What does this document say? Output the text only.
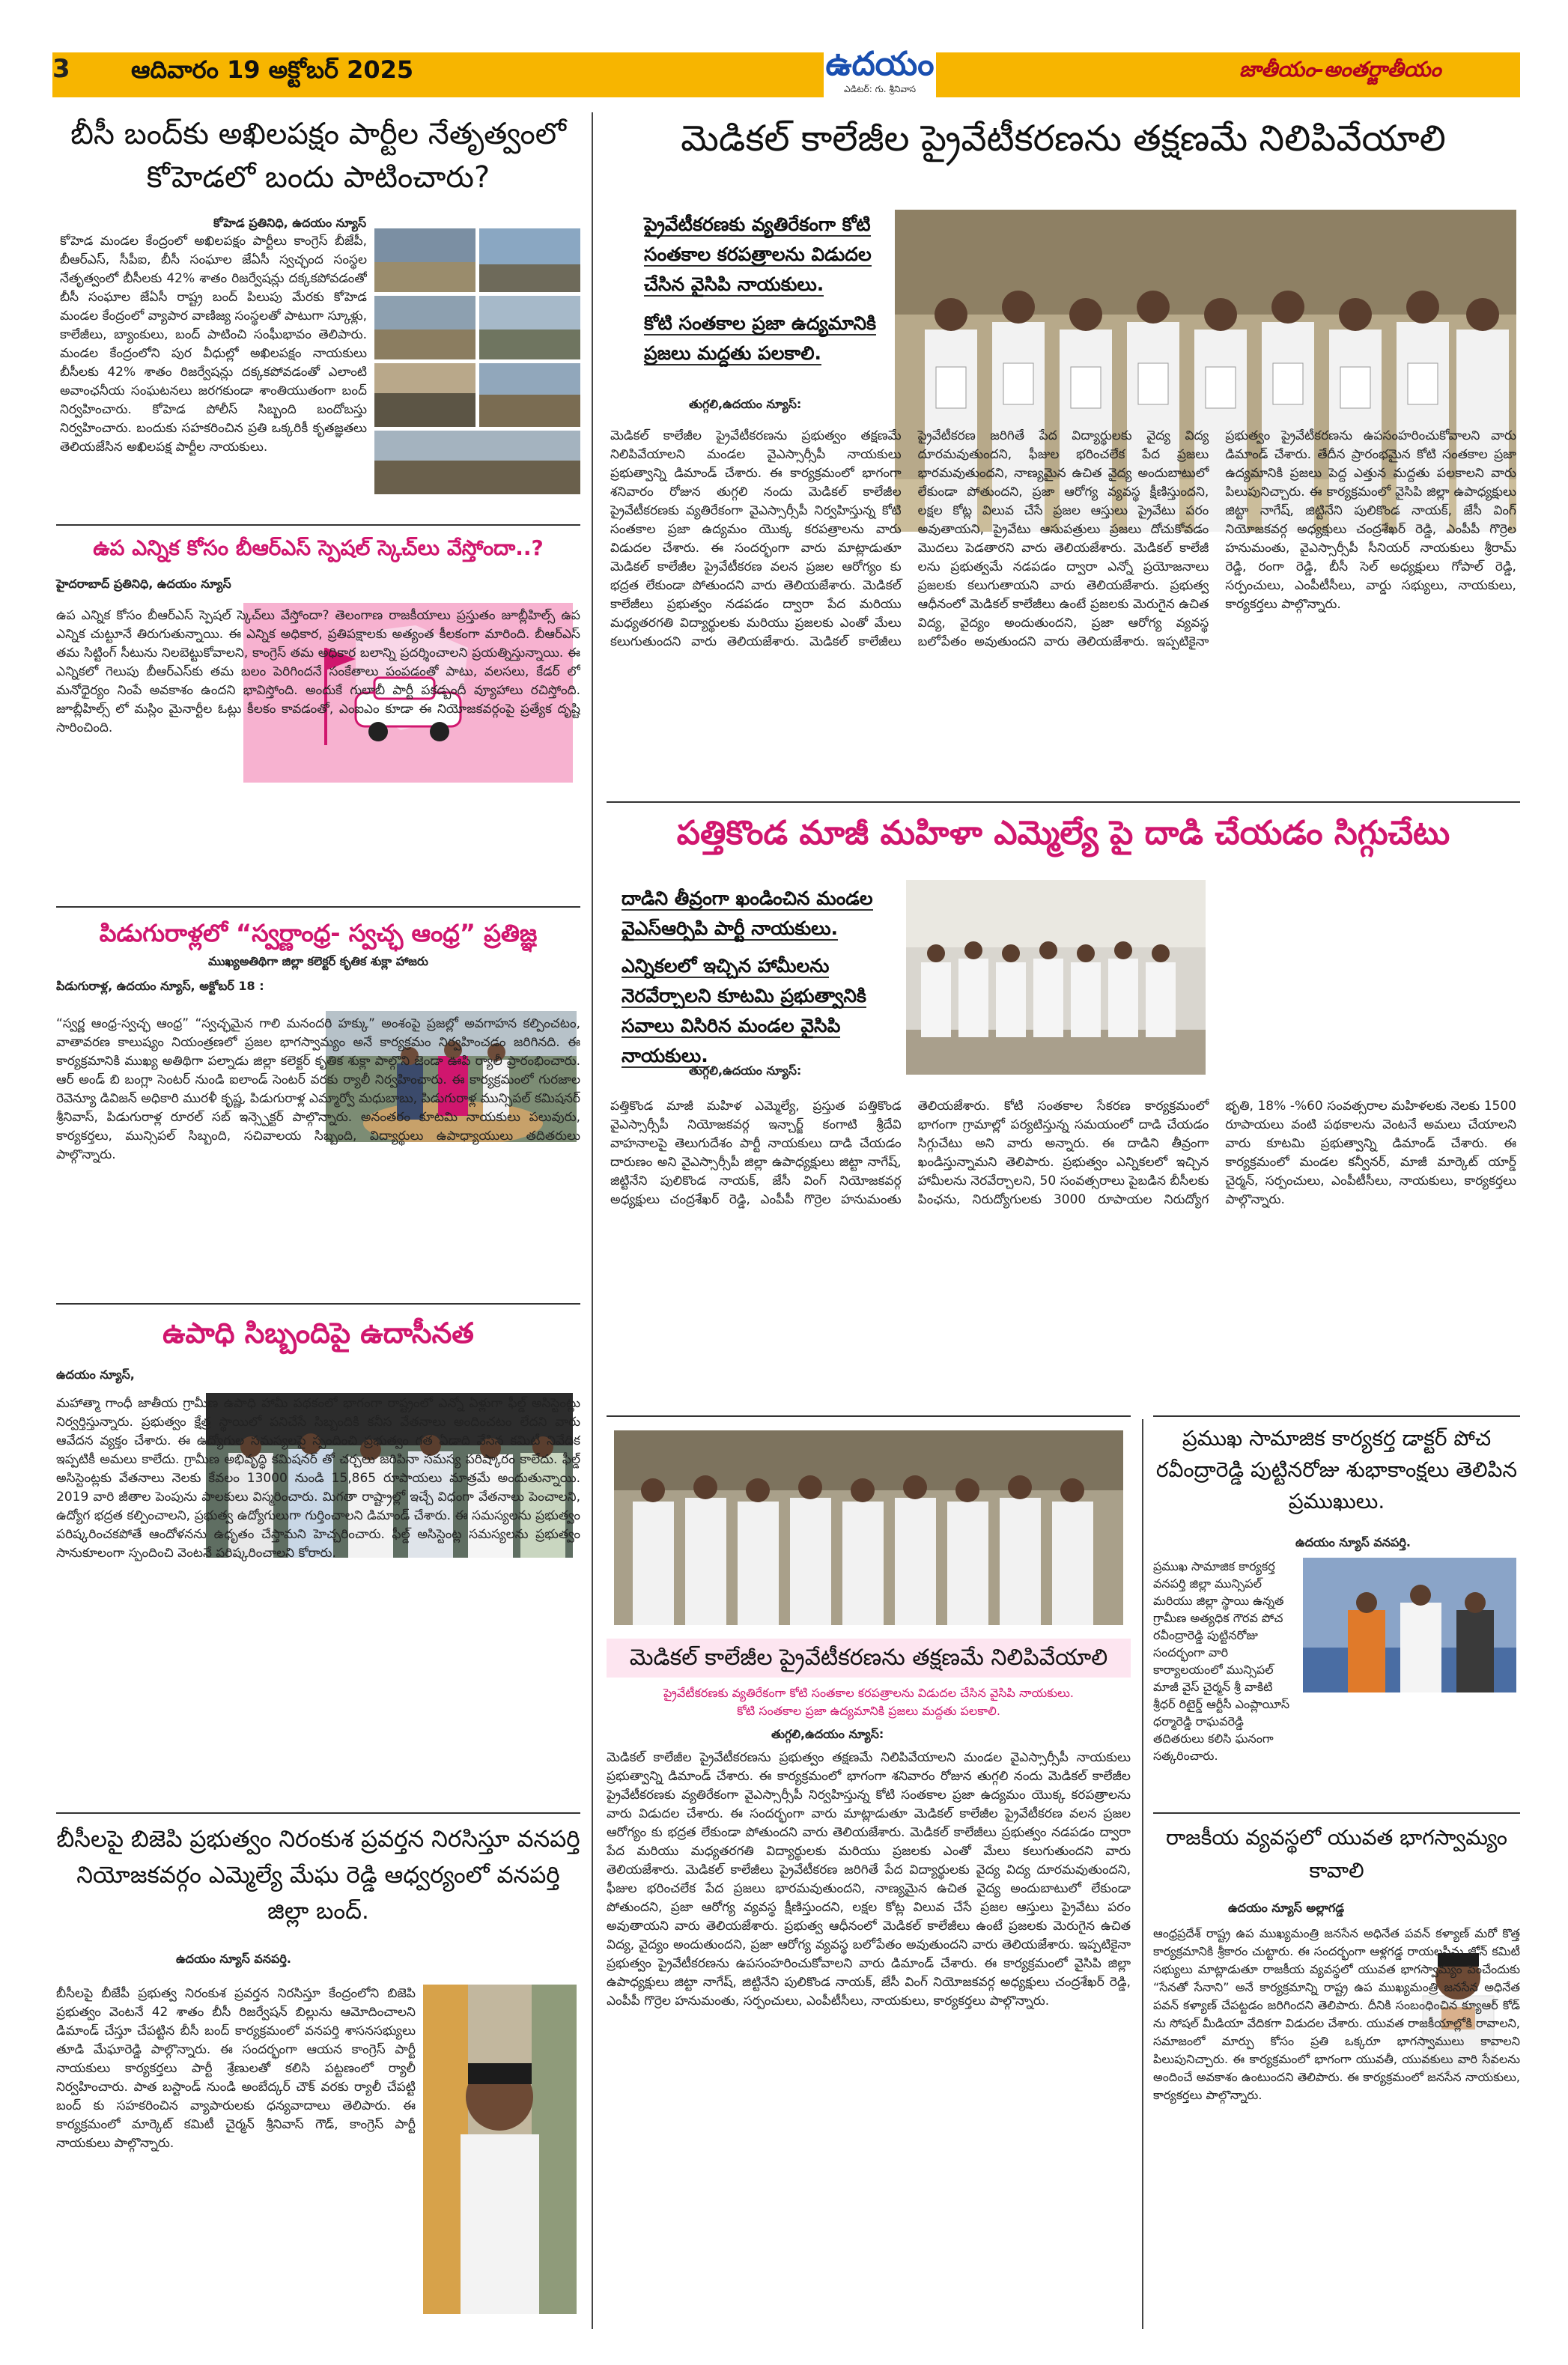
3	ఆదివారం 19 అక్టోబర్ 2025	ఉదయం
ఎడిటర్: గు. శ్రీనివాస
జాతీయం-అంతర్జాతీయం
బీసీ బంద్‌కు అఖిలపక్షం పార్టీల నేతృత్వంలో కోహెడలో బందు పాటించారు?
కోహెడ ప్రతినిధి, ఉదయం న్యూస్
కోహెడ మండల కేంద్రంలో అఖిలపక్షం పార్టీలు కాంగ్రెస్ బీజేపీ, బీఆర్ఎస్, సీపీఐ, బీసీ సంఘాల జేఏసీ స్వచ్ఛంద సంస్థల నేతృత్వంలో బీసీలకు 42% శాతం రిజర్వేషన్లు దక్కకపోవడంతో బీసీ సంఘాల జేఏసీ రాష్ట్ర బంద్ పిలుపు మేరకు కోహెడ మండల కేంద్రంలో వ్యాపార వాణిజ్య సంస్థలతో పాటుగా స్కూళ్లు, కాలేజీలు, బ్యాంకులు, బంద్ పాటించి సంఘీభావం తెలిపారు. మండల కేంద్రంలోని పుర వీధుల్లో అఖిలపక్షం నాయకులు బీసీలకు 42% శాతం రిజర్వేషన్లు దక్కకపోవడంతో ఎలాంటి అవాంఛనీయ సంఘటనలు జరగకుండా శాంతియుతంగా బంద్ నిర్వహించారు. కోహెడ పోలీస్ సిబ్బంది బందోబస్తు నిర్వహించారు. బందుకు సహకరించిన ప్రతి ఒక్కరికీ కృతజ్ఞతలు తెలియజేసిన అఖిలపక్ష పార్టీల నాయకులు.
ఉప ఎన్నిక కోసం బీఆర్ఎస్ స్పెషల్ స్కెచ్‌లు వేస్తోందా..?
హైదరాబాద్ ప్రతినిధి, ఉదయం న్యూస్
ఉప ఎన్నిక కోసం బీఆర్ఎస్ స్పెషల్ స్కెచ్‌లు వేస్తోందా? తెలంగాణ రాజకీయాలు ప్రస్తుతం జూబ్లీహిల్స్ ఉప ఎన్నిక చుట్టూనే తిరుగుతున్నాయి. ఈ ఎన్నిక అధికార, ప్రతిపక్షాలకు అత్యంత కీలకంగా మారింది. బీఆర్ఎస్ తమ సిట్టింగ్ సీటును నిలబెట్టుకోవాలని, కాంగ్రెస్ తమ అధికార బలాన్ని ప్రదర్శించాలని ప్రయత్నిస్తున్నాయి. ఈ ఎన్నికలో గెలుపు బీఆర్ఎస్‌కు తమ బలం పెరిగిందనే సంకేతాలు పంపడంతో పాటు, వలసలు, కేడర్ లో మనోధైర్యం నింపే అవకాశం ఉందని భావిస్తోంది. అందుకే గులాబీ పార్టీ పకడ్బందీ వ్యూహాలు రచిస్తోంది. జూబ్లీహిల్స్ లో మస్లిం మైనార్టీల ఓట్లు కీలకం కావడంతో, ఎంఐఎం కూడా ఈ నియోజకవర్గంపై ప్రత్యేక దృష్టి సారించింది.
పిడుగురాళ్లలో “స్వర్ణాంధ్ర- స్వచ్ఛ ఆంధ్ర” ప్రతిజ్ఞ
ముఖ్యఅతిథిగా జిల్లా కలెక్టర్ కృతిక శుక్లా హాజరు
పిడుగురాళ్ల, ఉదయం న్యూస్, అక్టోబర్ 18 :
“స్వర్ణ ఆంధ్ర-స్వచ్ఛ ఆంధ్ర” “స్వచ్ఛమైన గాలి మనందరి హక్కు” అంశంపై ప్రజల్లో అవగాహన కల్పించటం, వాతావరణ కాలుష్యం నియంత్రణలో ప్రజల భాగస్వామ్యం అనే కార్యక్రమం నిర్వహించడం జరిగినది. ఈ కార్యక్రమానికి ముఖ్య అతిథిగా పల్నాడు జిల్లా కలెక్టర్ కృతిక శుక్లా పాల్గొని జెండా ఊపి ర్యాలీ ప్రారంభించారు. ఆర్ అండ్ బి బంగ్లా సెంటర్ నుండి ఐలాండ్ సెంటర్ వరకు ర్యాలీ నిర్వహించారు. ఈ కార్యక్రమంలో గురజాల రెవెన్యూ డివిజన్ అధికారి మురళీ కృష్ణ, పిడుగురాళ్ల ఎమ్మార్వో మధుబాబు, పిడుగురాళ్ల మున్సిపల్ కమిషనర్ శ్రీనివాస్, పిడుగురాళ్ల రూరల్ సబ్ ఇన్స్పెక్టర్ పాల్గొన్నారు. అనంతరం కూటమి నాయకులు పలువురు, కార్యకర్తలు, మున్సిపల్ సిబ్బంది, సచివాలయ సిబ్బంది, విద్యార్థులు ఉపాధ్యాయులు తదితరులు పాల్గొన్నారు.
ఉపాధి సిబ్బందిపై ఉదాసీనత
ఉదయం న్యూస్,
మహాత్మా గాంధీ జాతీయ గ్రామీణ ఉపాధి హామీ పథకంలో భాగంగా రాష్ట్రంలో ఎన్నో ఏళ్లుగా ఫీల్డ్ అసిస్టెంట్లు నిర్వర్తిస్తున్నారు. ప్రభుత్వం క్షేత్ర స్థాయిలో పనిచేసే సిబ్బందికి కనీస వేతనాలు అందించటం లేదని వారు ఆవేదన వ్యక్తం చేశారు. ఈ ఉద్యోగుల సమస్యలపై స్పందించి ప్రభుత్వం గత ఏడాది వేసిన కమిటీ నివేదిక ఇప్పటికీ అమలు కాలేదు. గ్రామీణ అభివృద్ధి కమిషనర్ తో చర్చలు జరిపినా సమస్య పరిష్కారం కాలేదు. ఫీల్డ్ అసిస్టెంట్లకు వేతనాలు నెలకు కేవలం 13000 నుండి 15,865 రూపాయలు మాత్రమే అందుతున్నాయి. 2019 వారి జీతాల పెంపును పాలకులు విస్మరించారు. మిగతా రాష్ట్రాల్లో ఇచ్చే విధంగా వేతనాలు పెంచాలని, ఉద్యోగ భద్రత కల్పించాలని, ప్రభుత్వ ఉద్యోగులుగా గుర్తించాలని డిమాండ్ చేశారు. ఈ సమస్యలను ప్రభుత్వం పరిష్కరించకపోతే ఆందోళనను ఉధృతం చేస్తామని హెచ్చరించారు. ఫీల్డ్ అసిస్టెంట్ల సమస్యలను ప్రభుత్వం సానుకూలంగా స్పందించి వెంటనే పరిష్కరించాలని కోరారు.
బీసీలపై బిజెపి ప్రభుత్వం నిరంకుశ ప్రవర్తన నిరసిస్తూ వనపర్తి నియోజకవర్గం ఎమ్మెల్యే మేఘ రెడ్డి ఆధ్వర్యంలో వనపర్తి జిల్లా బంద్.
ఉదయం న్యూస్ వనపర్తి.
బీసీలపై బీజేపీ ప్రభుత్వ నిరంకుశ ప్రవర్తన నిరసిస్తూ కేంద్రంలోని బిజెపి ప్రభుత్వం వెంటనే 42 శాతం బీసీ రిజర్వేషన్ బిల్లును ఆమోదించాలని డిమాండ్ చేస్తూ చేపట్టిన బీసీ బంద్ కార్యక్రమంలో వనపర్తి శాసనసభ్యులు తూడి మేఘారెడ్డి పాల్గొన్నారు. ఈ సందర్భంగా ఆయన కాంగ్రెస్ పార్టీ నాయకులు కార్యకర్తలు పార్టీ శ్రేణులతో కలిసి పట్టణంలో ర్యాలీ నిర్వహించారు. పాత బస్టాండ్ నుండి అంబేద్కర్ చౌక్ వరకు ర్యాలీ చేపట్టి బంద్ కు సహకరించిన వ్యాపారులకు ధన్యవాదాలు తెలిపారు. ఈ కార్యక్రమంలో మార్కెట్ కమిటీ చైర్మన్ శ్రీనివాస్ గౌడ్, కాంగ్రెస్ పార్టీ నాయకులు పాల్గొన్నారు.
మెడికల్ కాలేజీల ప్రైవేటీకరణను తక్షణమే నిలిపివేయాలి
ప్రైవేటీకరణకు వ్యతిరేకంగా కోటి సంతకాల కరపత్రాలను విడుదల చేసిన వైసిపి నాయకులు.
కోటి సంతకాల ప్రజా ఉద్యమానికి ప్రజలు మద్దతు పలకాలి.
తుగ్గలి,ఉదయం న్యూస్:
మెడికల్ కాలేజీల ప్రైవేటీకరణను ప్రభుత్వం తక్షణమే నిలిపివేయాలని మండల వైఎస్సార్సీపీ నాయకులు ప్రభుత్వాన్ని డిమాండ్ చేశారు. ఈ కార్యక్రమంలో భాగంగా శనివారం రోజున తుగ్గలి నందు మెడికల్ కాలేజీల ప్రైవేటీకరణకు వ్యతిరేకంగా వైఎస్సార్సీపీ నిర్వహిస్తున్న కోటి సంతకాల ప్రజా ఉద్యమం యొక్క కరపత్రాలను వారు విడుదల చేశారు. ఈ సందర్భంగా వారు మాట్లాడుతూ మెడికల్ కాలేజీల ప్రైవేటీకరణ వలన ప్రజల ఆరోగ్యం కు భద్రత లేకుండా పోతుందని వారు తెలియజేశారు. మెడికల్ కాలేజీలు ప్రభుత్వం నడపడం ద్వారా పేద మరియు మధ్యతరగతి విద్యార్థులకు మరియు ప్రజలకు ఎంతో మేలు కలుగుతుందని వారు తెలియజేశారు. మెడికల్ కాలేజీలు ప్రైవేటీకరణ జరిగితే పేద విద్యార్థులకు వైద్య విద్య దూరమవుతుందని, ఫీజుల భరించలేక పేద ప్రజలు భారమవుతుందని, నాణ్యమైన ఉచిత వైద్య అందుబాటులో లేకుండా పోతుందని, ప్రజా ఆరోగ్య వ్యవస్థ క్షీణిస్తుందని, లక్షల కోట్ల విలువ చేసే ప్రజల ఆస్తులు ప్రైవేటు పరం అవుతాయని, ప్రైవేటు ఆసుపత్రులు ప్రజలు దోచుకోవడం మొదలు పెడతారని వారు తెలియజేశారు. మెడికల్ కాలేజీ లను ప్రభుత్వమే నడపడం ద్వారా ఎన్నో ప్రయోజనాలు ప్రజలకు కలుగుతాయని వారు తెలియజేశారు. ప్రభుత్వ ఆధీనంలో మెడికల్ కాలేజీలు ఉంటే ప్రజలకు మెరుగైన ఉచిత విద్య, వైద్యం అందుతుందని, ప్రజా ఆరోగ్య వ్యవస్థ బలోపేతం అవుతుందని వారు తెలియజేశారు. ఇప్పటికైనా ప్రభుత్వం ప్రైవేటీకరణను ఉపసంహరించుకోవాలని వారు డిమాండ్ చేశారు. తేదీన ప్రారంభమైన కోటి సంతకాల ప్రజా ఉద్యమానికి ప్రజలు పెద్ద ఎత్తున మద్దతు పలకాలని వారు పిలుపునిచ్చారు. ఈ కార్యక్రమంలో వైసిపి జిల్లా ఉపాధ్యక్షులు జిట్టా నాగేష్, జిట్టినేని పులికొండ నాయక్, జేసీ వింగ్ నియోజకవర్గ అధ్యక్షులు చంద్రశేఖర్ రెడ్డి, ఎంపీపీ గొర్రెల హనుమంతు, వైఎస్సార్సీపీ సీనియర్ నాయకులు శ్రీరామ్ రెడ్డి, రంగా రెడ్డి, బీసీ సెల్ అధ్యక్షులు గోపాల్ రెడ్డి, సర్పంచులు, ఎంపీటీసీలు, వార్డు సభ్యులు, నాయకులు, కార్యకర్తలు పాల్గొన్నారు.
పత్తికొండ మాజీ మహిళా ఎమ్మెల్యే పై దాడి చేయడం సిగ్గుచేటు
దాడిని తీవ్రంగా ఖండించిన మండల వైఎస్ఆర్సిపి పార్టీ నాయకులు.
ఎన్నికలలో ఇచ్చిన హామీలను నెరవేర్చాలని కూటమి ప్రభుత్వానికి సవాలు విసిరిన మండల వైసిపి నాయకులు.
తుగ్గలి,ఉదయం న్యూస్:
పత్తికొండ మాజీ మహిళ ఎమ్మెల్యే, ప్రస్తుత పత్తికొండ వైఎస్సార్సీపీ నియోజకవర్గ ఇన్చార్జ్ కంగాటి శ్రీదేవి వాహనాలపై తెలుగుదేశం పార్టీ నాయకులు దాడి చేయడం దారుణం అని వైఎస్సార్సీపీ జిల్లా ఉపాధ్యక్షులు జిట్టా నాగేష్, జిట్టినేని పులికొండ నాయక్, జేసీ వింగ్ నియోజకవర్గ అధ్యక్షులు చంద్రశేఖర్ రెడ్డి, ఎంపీపీ గొర్రెల హనుమంతు తెలియజేశారు. కోటి సంతకాల సేకరణ కార్యక్రమంలో భాగంగా గ్రామాల్లో పర్యటిస్తున్న సమయంలో దాడి చేయడం సిగ్గుచేటు అని వారు అన్నారు. ఈ దాడిని తీవ్రంగా ఖండిస్తున్నామని తెలిపారు. ప్రభుత్వం ఎన్నికలలో ఇచ్చిన హామీలను నెరవేర్చాలని, 50 సంవత్సరాలు పైబడిన బీసీలకు పింఛను, నిరుద్యోగులకు 3000 రూపాయల నిరుద్యోగ భృతి, 18% -%60 సంవత్సరాల మహిళలకు నెలకు 1500 రూపాయలు వంటి పథకాలను వెంటనే అమలు చేయాలని వారు కూటమి ప్రభుత్వాన్ని డిమాండ్ చేశారు. ఈ కార్యక్రమంలో మండల కన్వీనర్, మాజీ మార్కెట్ యార్డ్ చైర్మన్, సర్పంచులు, ఎంపీటీసీలు, నాయకులు, కార్యకర్తలు పాల్గొన్నారు.
మెడికల్ కాలేజీల ప్రైవేటీకరణను తక్షణమే నిలిపివేయాలి
ప్రైవేటీకరణకు వ్యతిరేకంగా కోటి సంతకాల కరపత్రాలను విడుదల చేసిన వైసిపి నాయకులు.
కోటి సంతకాల ప్రజా ఉద్యమానికి ప్రజలు మద్దతు పలకాలి.
తుగ్గలి,ఉదయం న్యూస్:
మెడికల్ కాలేజీల ప్రైవేటీకరణను ప్రభుత్వం తక్షణమే నిలిపివేయాలని మండల వైఎస్సార్సీపీ నాయకులు ప్రభుత్వాన్ని డిమాండ్ చేశారు. ఈ కార్యక్రమంలో భాగంగా శనివారం రోజున తుగ్గలి నందు మెడికల్ కాలేజీల ప్రైవేటీకరణకు వ్యతిరేకంగా వైఎస్సార్సీపీ నిర్వహిస్తున్న కోటి సంతకాల ప్రజా ఉద్యమం యొక్క కరపత్రాలను వారు విడుదల చేశారు. ఈ సందర్భంగా వారు మాట్లాడుతూ మెడికల్ కాలేజీల ప్రైవేటీకరణ వలన ప్రజల ఆరోగ్యం కు భద్రత లేకుండా పోతుందని వారు తెలియజేశారు. మెడికల్ కాలేజీలు ప్రభుత్వం నడపడం ద్వారా పేద మరియు మధ్యతరగతి విద్యార్థులకు మరియు ప్రజలకు ఎంతో మేలు కలుగుతుందని వారు తెలియజేశారు. మెడికల్ కాలేజీలు ప్రైవేటీకరణ జరిగితే పేద విద్యార్థులకు వైద్య విద్య దూరమవుతుందని, ఫీజుల భరించలేక పేద ప్రజలు భారమవుతుందని, నాణ్యమైన ఉచిత వైద్య అందుబాటులో లేకుండా పోతుందని, ప్రజా ఆరోగ్య వ్యవస్థ క్షీణిస్తుందని, లక్షల కోట్ల విలువ చేసే ప్రజల ఆస్తులు ప్రైవేటు పరం అవుతాయని వారు తెలియజేశారు. ప్రభుత్వ ఆధీనంలో మెడికల్ కాలేజీలు ఉంటే ప్రజలకు మెరుగైన ఉచిత విద్య, వైద్యం అందుతుందని, ప్రజా ఆరోగ్య వ్యవస్థ బలోపేతం అవుతుందని వారు తెలియజేశారు. ఇప్పటికైనా ప్రభుత్వం ప్రైవేటీకరణను ఉపసంహరించుకోవాలని వారు డిమాండ్ చేశారు. ఈ కార్యక్రమంలో వైసిపి జిల్లా ఉపాధ్యక్షులు జిట్టా నాగేష్, జిట్టినేని పులికొండ నాయక్, జేసీ వింగ్ నియోజకవర్గ అధ్యక్షులు చంద్రశేఖర్ రెడ్డి, ఎంపీపీ గొర్రెల హనుమంతు, సర్పంచులు, ఎంపీటీసీలు, నాయకులు, కార్యకర్తలు పాల్గొన్నారు.
ప్రముఖ సామాజిక కార్యకర్త డాక్టర్ పోచ రవీంద్రారెడ్డి పుట్టినరోజు శుభాకాంక్షలు తెలిపిన ప్రముఖులు.
ఉదయం న్యూస్ వనపర్తి.
ప్రముఖ సామాజిక కార్యకర్త వనపర్తి జిల్లా మున్సిపల్ మరియు జిల్లా స్థాయి ఉన్నత గ్రామీణ అత్యధిక గౌరవ పోచ రవీంద్రారెడ్డి పుట్టినరోజు సందర్భంగా వారి కార్యాలయంలో మున్సిపల్ మాజీ వైస్ చైర్మన్ శ్రీ వాకిటి శ్రీధర్ రిటైర్డ్ ఆర్టీసీ ఎంప్లాయీస్ ధర్మారెడ్డి రాఘవరెడ్డి తదితరులు కలిసి ఘనంగా సత్కరించారు.
రాజకీయ వ్యవస్థలో యువత భాగస్వామ్యం కావాలి
ఉదయం న్యూస్ అల్లాగడ్డ
ఆంధ్రప్రదేశ్ రాష్ట్ర ఉప ముఖ్యమంత్రి జనసేన అధినేత పవన్ కళ్యాణ్ మరో కొత్త కార్యక్రమానికి శ్రీకారం చుట్టారు. ఈ సందర్భంగా ఆళ్లగడ్డ రాయలసీమ జోన్ కమిటీ సభ్యులు మాట్లాడుతూ రాజకీయ వ్యవస్థలో యువత భాగస్వామ్యం పెంచేందుకు “సేనతో సేనాని” అనే కార్యక్రమాన్ని రాష్ట్ర ఉప ముఖ్యమంత్రి జనసేన అధినేత పవన్ కళ్యాణ్ చేపట్టడం జరిగిందని తెలిపారు. దీనికి సంబంధించిన క్యూఆర్ కోడ్ ను సోషల్ మీడియా వేదికగా విడుదల చేశారు. యువత రాజకీయాల్లోకి రావాలని, సమాజంలో మార్పు కోసం ప్రతి ఒక్కరూ భాగస్వాములు కావాలని పిలుపునిచ్చారు. ఈ కార్యక్రమంలో భాగంగా యువతీ, యువకులు వారి సేవలను అందించే అవకాశం ఉంటుందని తెలిపారు. ఈ కార్యక్రమంలో జనసేన నాయకులు, కార్యకర్తలు పాల్గొన్నారు.
